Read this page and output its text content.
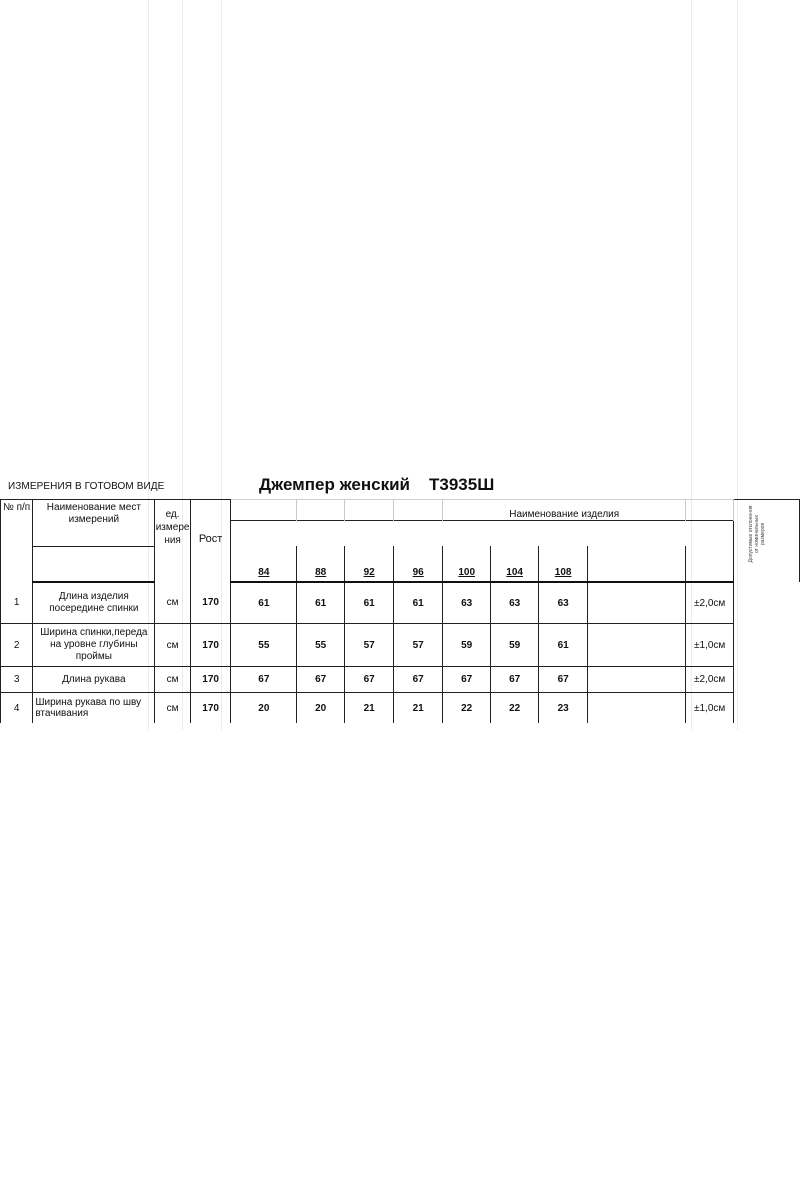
ИЗМЕРЕНИЯ В ГОТОВОМ ВИДЕ	Джемпер женский Т3935Ш
№ п/п	Наименование мест измерений	ед. измере ния	Рост					Наименование изделия					Допустимые отклонения от номинальных размеров

				84	88	92	96	100	104	108			
1	Длина изделия посередине спинки	см	170	61	61	61	61	63	63	63		±2,0см	
2	Ширина спинки,переда на уровне глубины проймы	см	170	55	55	57	57	59	59	61		±1,0см	
3	Длина рукава	см	170	67	67	67	67	67	67	67		±2,0см	
4	Ширина рукава по шву втачивания	см	170	20	20	21	21	22	22	23		±1,0см	
